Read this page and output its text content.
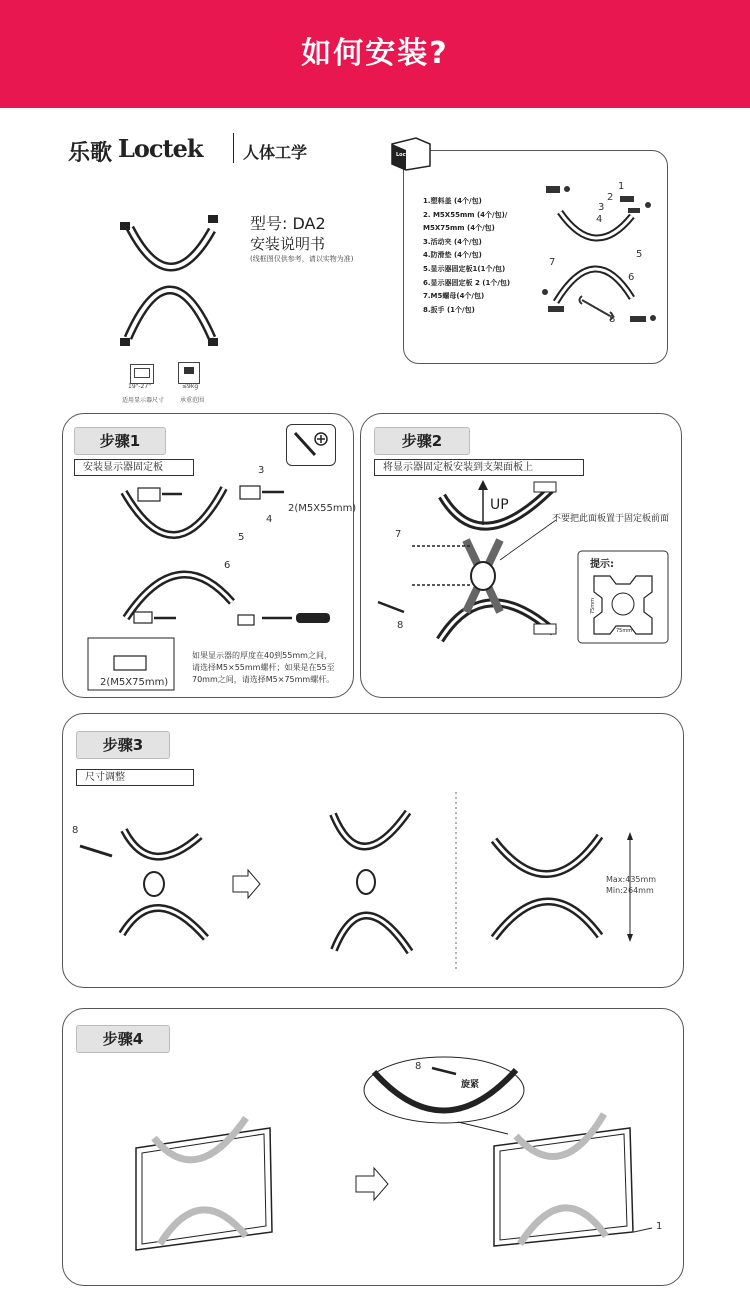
如何安装?
乐歌 Loctek	人体工学
型号: DA2
安装说明书
(线框图仅供参考，请以实物为准)
19"-27"
适用显示器尺寸
≤9kg
承重范围
Loctek
1.塑料盖 (4个/包)
2. M5X55mm (4个/包)/
M5X75mm (4个/包)
3.活动夹 (4个/包)
4.防滑垫 (4个/包)
5.显示器固定板1(1个/包)
6.显示器固定板 2 (1个/包)
7.M5螺母(4个/包)
8.扳手 (1个/包)
1
2
3
4
5
6
7
8
步骤1
安装显示器固定板	3
2(M5X55mm)
4
5
6
2(M5X75mm)
如果显示器的厚度在40到55mm之间，
请选择M5×55mm螺杆；如果是在55至
70mm之间，请选择M5×75mm螺杆。
步骤2
将显示器固定板安装到支架面板上
UP
7
8
不要把此面板置于固定板前面
提示:
75mm
75mm
步骤3
尺寸调整
8
Max:435mm
Min:264mm
步骤4
8
旋紧
1
